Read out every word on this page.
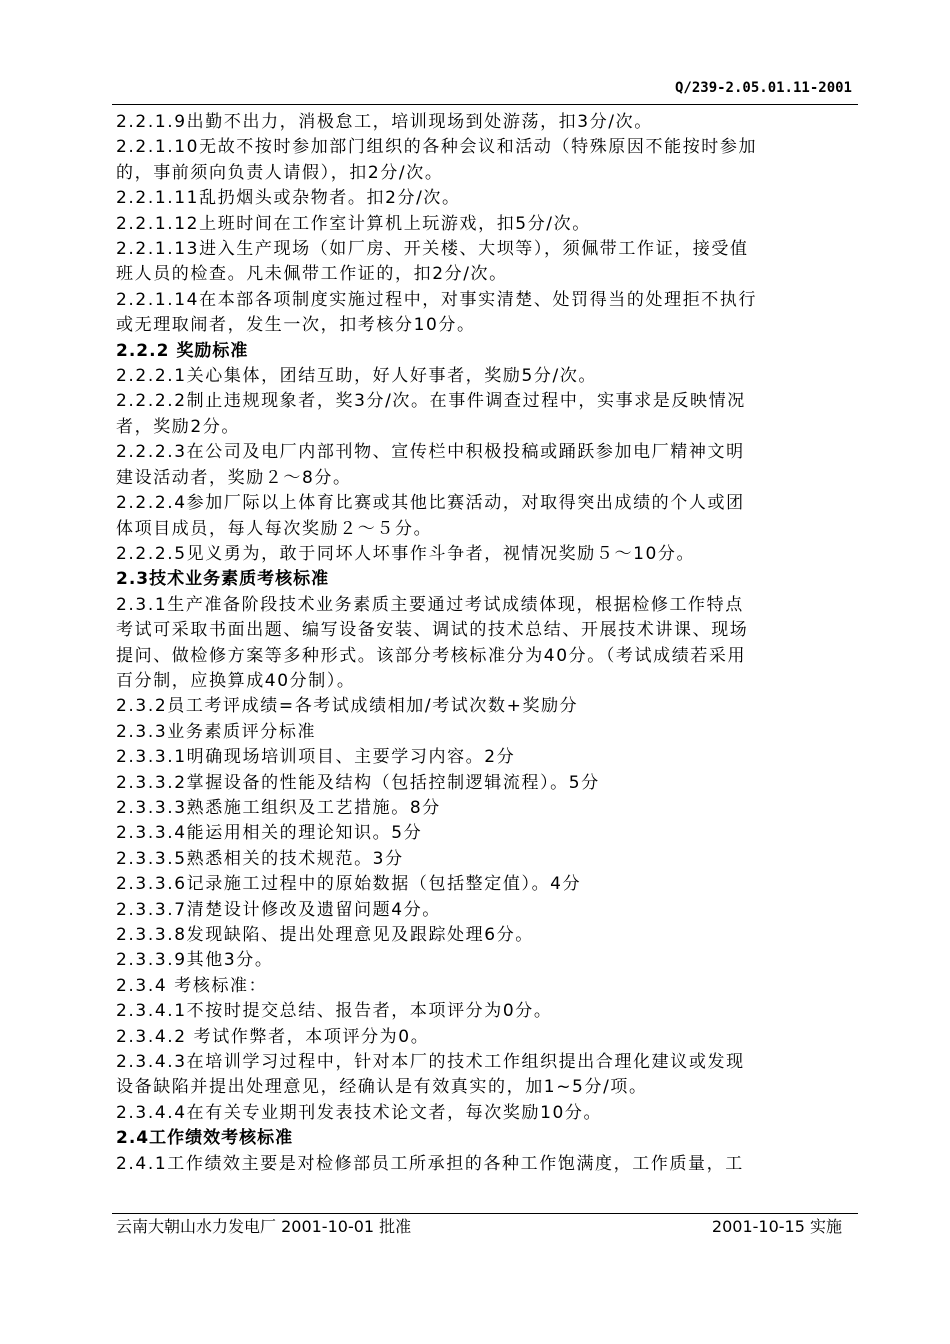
Q/239-2.05.01.11-2001

2.2.1.9出勤不出力，消极怠工，培训现场到处游荡，扣3分/次。

2.2.1.10无故不按时参加部门组织的各种会议和活动（特殊原因不能按时参加

的，事前须向负责人请假），扣2分/次。

2.2.1.11乱扔烟头或杂物者。扣2分/次。

2.2.1.12上班时间在工作室计算机上玩游戏，扣5分/次。

2.2.1.13进入生产现场（如厂房、开关楼、大坝等），须佩带工作证，接受值

班人员的检查。凡未佩带工作证的，扣2分/次。

2.2.1.14在本部各项制度实施过程中，对事实清楚、处罚得当的处理拒不执行

或无理取闹者，发生一次，扣考核分10分。

2.2.2 奖励标准

2.2.2.1关心集体，团结互助，好人好事者，奖励5分/次。

2.2.2.2制止违规现象者，奖3分/次。在事件调查过程中，实事求是反映情况

者，奖励2分。

2.2.2.3在公司及电厂内部刊物、宣传栏中积极投稿或踊跃参加电厂精神文明

建设活动者，奖励２～8分。

2.2.2.4参加厂际以上体育比赛或其他比赛活动，对取得突出成绩的个人或团

体项目成员，每人每次奖励２～５分。

2.2.2.5见义勇为，敢于同坏人坏事作斗争者，视情况奖励５～10分。

2.3技术业务素质考核标准

2.3.1生产准备阶段技术业务素质主要通过考试成绩体现，根据检修工作特点

考试可采取书面出题、编写设备安装、调试的技术总结、开展技术讲课、现场

提问、做检修方案等多种形式。该部分考核标准分为40分。（考试成绩若采用

百分制，应换算成40分制）。

2.3.2员工考评成绩=各考试成绩相加/考试次数+奖励分

2.3.3业务素质评分标准

2.3.3.1明确现场培训项目、主要学习内容。2分

2.3.3.2掌握设备的性能及结构（包括控制逻辑流程）。5分

2.3.3.3熟悉施工组织及工艺措施。8分

2.3.3.4能运用相关的理论知识。5分

2.3.3.5熟悉相关的技术规范。3分

2.3.3.6记录施工过程中的原始数据（包括整定值）。4分

2.3.3.7清楚设计修改及遗留问题4分。

2.3.3.8发现缺陷、提出处理意见及跟踪处理6分。

2.3.3.9其他3分。

2.3.4 考核标准：

2.3.4.1不按时提交总结、报告者，本项评分为0分。

2.3.4.2 考试作弊者，本项评分为0。

2.3.4.3在培训学习过程中，针对本厂的技术工作组织提出合理化建议或发现

设备缺陷并提出处理意见，经确认是有效真实的，加1~5分/项。

2.3.4.4在有关专业期刊发表技术论文者，每次奖励10分。

2.4工作绩效考核标准

2.4.1工作绩效主要是对检修部员工所承担的各种工作饱满度，工作质量，工

云南大朝山水力发电厂 2001-10-01 批准	2001-10-15 实施
